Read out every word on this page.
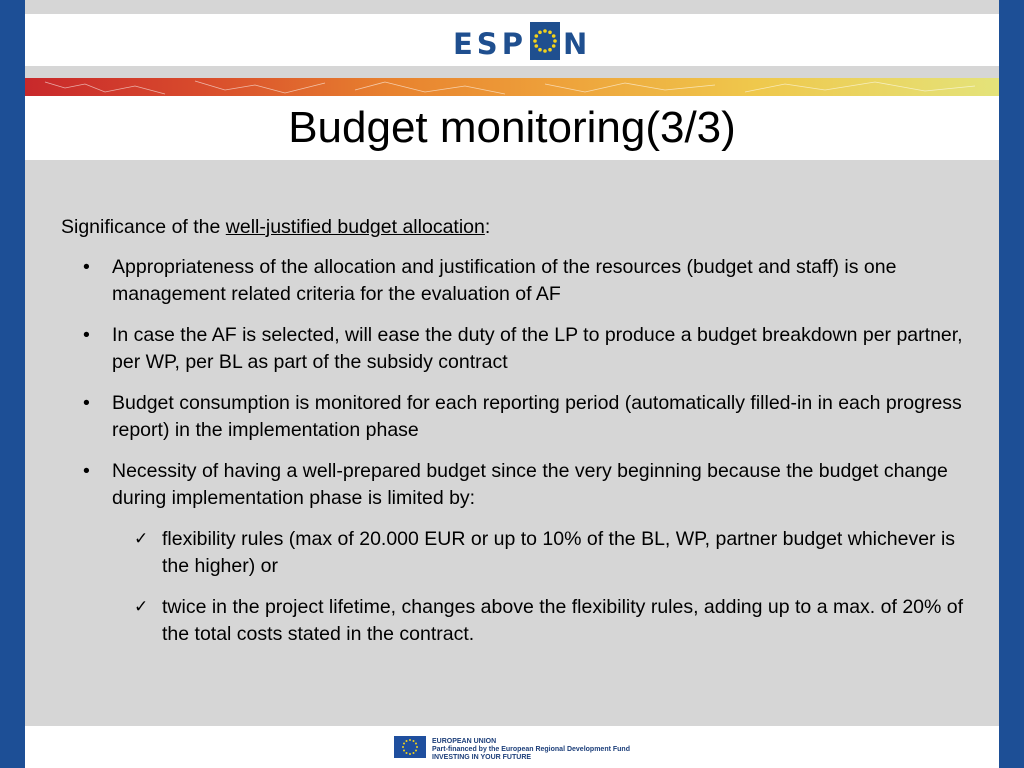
ESP N
Budget monitoring(3/3)

Significance of the well-justified budget allocation:

• Appropriateness of the allocation and justification of the resources (budget and staff) is one management related criteria for the evaluation of AF
• In case the AF is selected, will ease the duty of the LP to produce a budget breakdown per partner, per WP, per BL as part of the subsidy contract
• Budget consumption is monitored for each reporting period (automatically filled-in in each progress report) in the implementation phase
• Necessity of having a well-prepared budget since the very beginning because the budget change during implementation phase is limited by:
✓ flexibility rules (max of 20.000 EUR or up to 10% of the BL, WP, partner budget whichever is the higher) or
✓ twice in the project lifetime, changes above the flexibility rules, adding up to a max. of 20% of the total costs stated in the contract.
EUROPEAN UNION
Part-financed by the European Regional Development Fund
INVESTING IN YOUR FUTURE
